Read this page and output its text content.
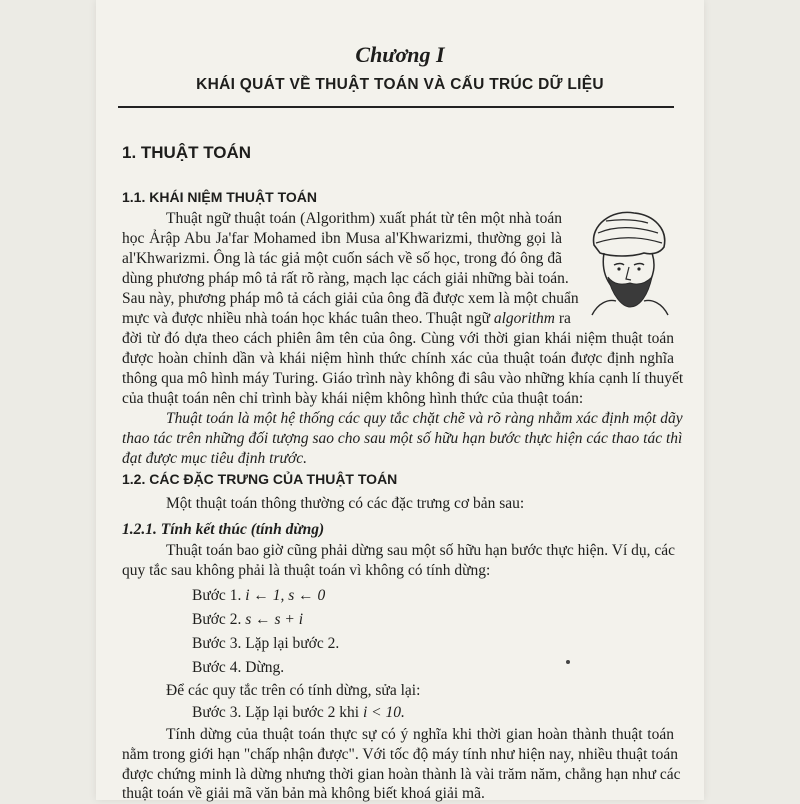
Chương I
KHÁI QUÁT VỀ THUẬT TOÁN VÀ CẤU TRÚC DỮ LIỆU
1. THUẬT TOÁN
1.1. KHÁI NIỆM THUẬT TOÁN
Thuật ngữ thuật toán (Algorithm) xuất phát từ tên một nhà toán
học Ảrập Abu Ja'far Mohamed ibn Musa al'Khwarizmi, thường gọi là
al'Khwarizmi. Ông là tác giả một cuốn sách về số học, trong đó ông đã
dùng phương pháp mô tả rất rõ ràng, mạch lạc cách giải những bài toán.
Sau này, phương pháp mô tả cách giải của ông đã được xem là một chuẩn
mực và được nhiều nhà toán học khác tuân theo. Thuật ngữ algorithm ra
đời từ đó dựa theo cách phiên âm tên của ông. Cùng với thời gian khái niệm thuật toán
được hoàn chỉnh dần và khái niệm hình thức chính xác của thuật toán được định nghĩa
thông qua mô hình máy Turing. Giáo trình này không đi sâu vào những khía cạnh lí thuyết
của thuật toán nên chỉ trình bày khái niệm không hình thức của thuật toán:
Thuật toán là một hệ thống các quy tắc chặt chẽ và rõ ràng nhằm xác định một dãy
thao tác trên những đối tượng sao cho sau một số hữu hạn bước thực hiện các thao tác thì
đạt được mục tiêu định trước.
1.2. CÁC ĐẶC TRƯNG CỦA THUẬT TOÁN
Một thuật toán thông thường có các đặc trưng cơ bản sau:
1.2.1. Tính kết thúc (tính dừng)
Thuật toán bao giờ cũng phải dừng sau một số hữu hạn bước thực hiện. Ví dụ, các
quy tắc sau không phải là thuật toán vì không có tính dừng:
Bước 1. i ← 1, s ← 0
Bước 2. s ← s + i
Bước 3. Lặp lại bước 2.
Bước 4. Dừng.
Để các quy tắc trên có tính dừng, sửa lại:
Bước 3. Lặp lại bước 2 khi i < 10.
Tính dừng của thuật toán thực sự có ý nghĩa khi thời gian hoàn thành thuật toán
nằm trong giới hạn "chấp nhận được". Với tốc độ máy tính như hiện nay, nhiều thuật toán
được chứng minh là dừng nhưng thời gian hoàn thành là vài trăm năm, chẳng hạn như các
thuật toán về giải mã văn bản mà không biết khoá giải mã.
